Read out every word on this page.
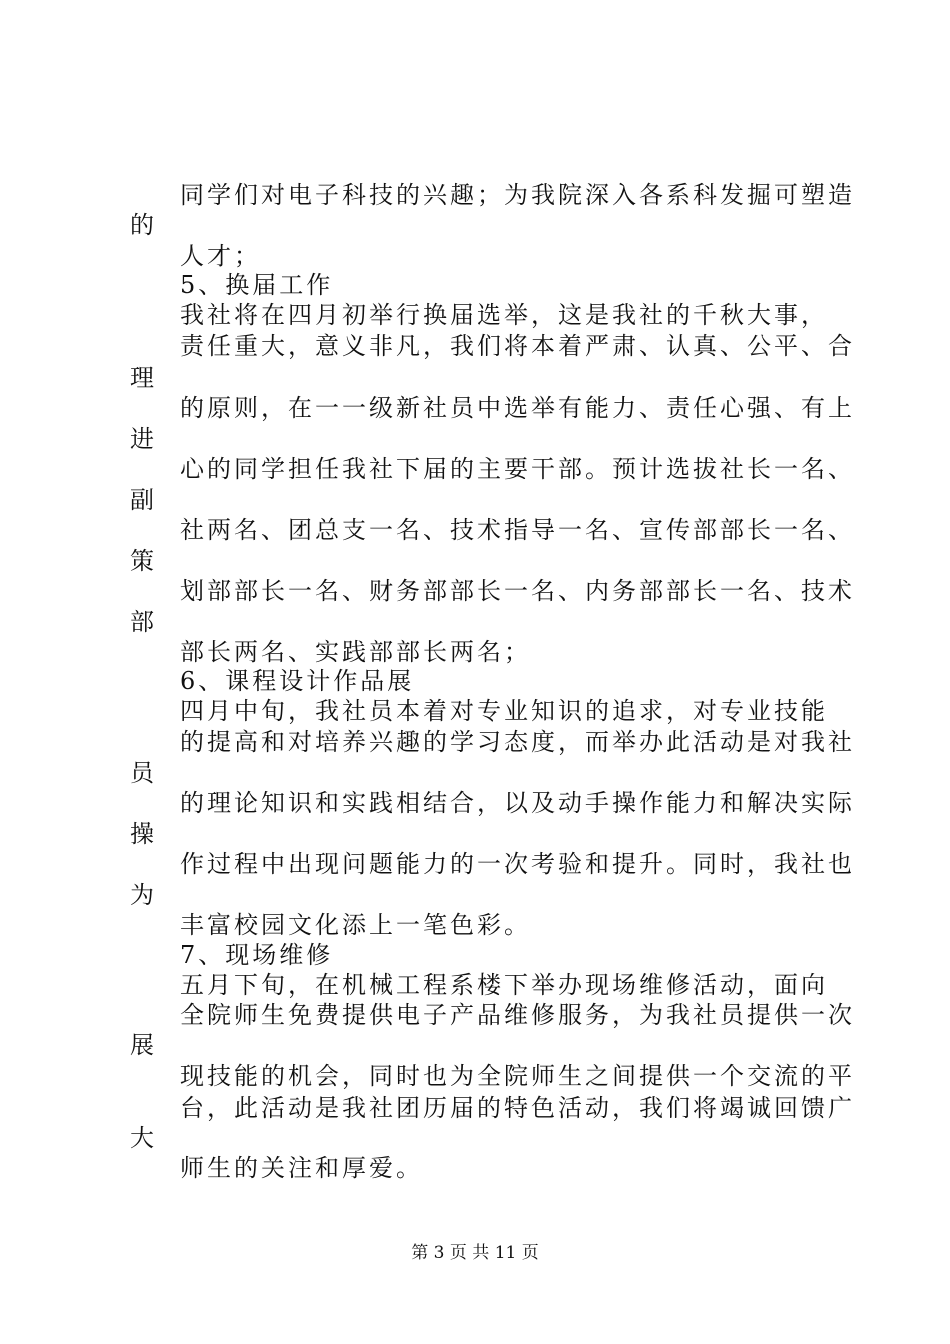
同学们对电子科技的兴趣；为我院深入各系科发掘可塑造
的
人才；
5、换届工作
我社将在四月初举行换届选举，这是我社的千秋大事，
责任重大，意义非凡，我们将本着严肃、认真、公平、合
理
的原则，在一一级新社员中选举有能力、责任心强、有上
进
心的同学担任我社下届的主要干部。预计选拔社长一名、
副
社两名、团总支一名、技术指导一名、宣传部部长一名、
策
划部部长一名、财务部部长一名、内务部部长一名、技术
部
部长两名、实践部部长两名；
6、课程设计作品展
四月中旬，我社员本着对专业知识的追求，对专业技能
的提高和对培养兴趣的学习态度，而举办此活动是对我社
员
的理论知识和实践相结合，以及动手操作能力和解决实际
操
作过程中出现问题能力的一次考验和提升。同时，我社也
为
丰富校园文化添上一笔色彩。
7、现场维修
五月下旬，在机械工程系楼下举办现场维修活动，面向
全院师生免费提供电子产品维修服务，为我社员提供一次
展
现技能的机会，同时也为全院师生之间提供一个交流的平
台，此活动是我社团历届的特色活动，我们将竭诚回馈广
大
师生的关注和厚爱。
第 3 页 共 11 页
